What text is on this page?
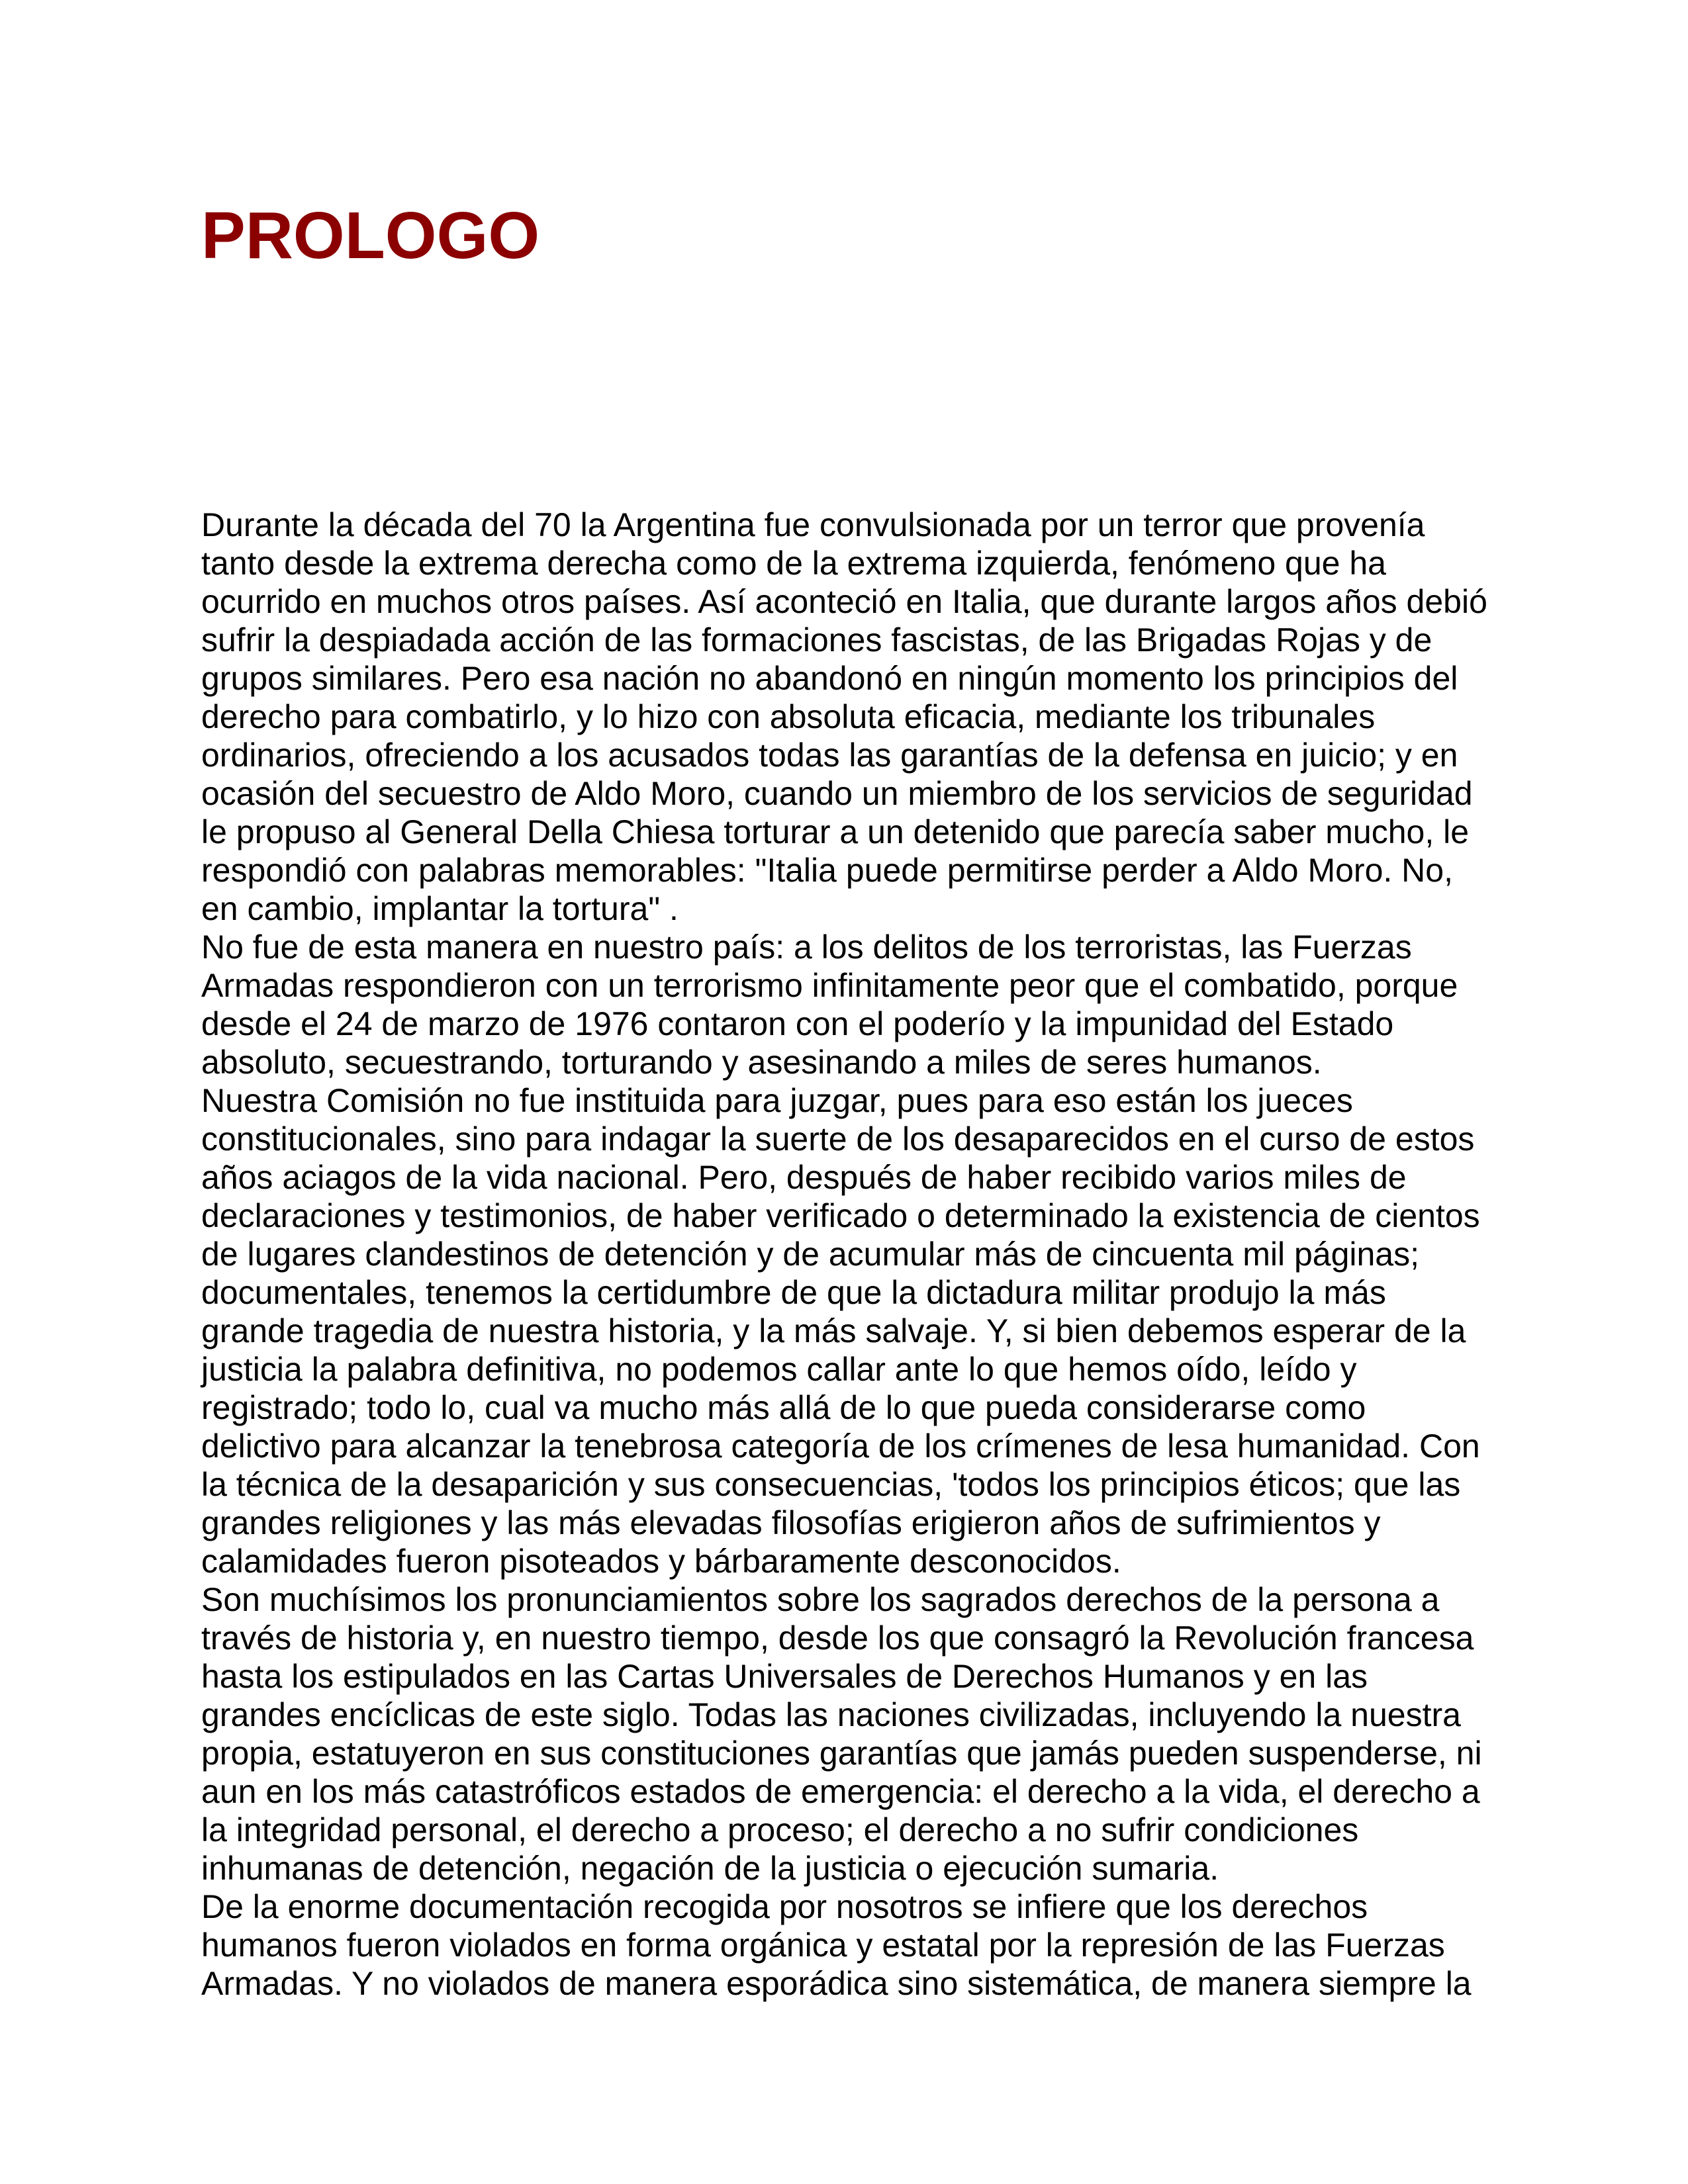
PROLOGO
Durante la década del 70 la Argentina fue convulsionada por un terror que provenía
tanto desde la extrema derecha como de la extrema izquierda, fenómeno que ha
ocurrido en muchos otros países. Así aconteció en Italia, que durante largos años debió
sufrir la despiadada acción de las formaciones fascistas, de las Brigadas Rojas y de
grupos similares. Pero esa nación no abandonó en ningún momento los principios del
derecho para combatirlo, y lo hizo con absoluta eficacia, mediante los tribunales
ordinarios, ofreciendo a los acusados todas las garantías de la defensa en juicio; y en
ocasión del secuestro de Aldo Moro, cuando un miembro de los servicios de seguridad
le propuso al General Della Chiesa torturar a un detenido que parecía saber mucho, le
respondió con palabras memorables: "Italia puede permitirse perder a Aldo Moro. No,
en cambio, implantar la tortura" .
No fue de esta manera en nuestro país: a los delitos de los terroristas, las Fuerzas
Armadas respondieron con un terrorismo infinitamente peor que el combatido, porque
desde el 24 de marzo de 1976 contaron con el poderío y la impunidad del Estado
absoluto, secuestrando, torturando y asesinando a miles de seres humanos.
Nuestra Comisión no fue instituida para juzgar, pues para eso están los jueces
constitucionales, sino para indagar la suerte de los desaparecidos en el curso de estos
años aciagos de la vida nacional. Pero, después de haber recibido varios miles de
declaraciones y testimonios, de haber verificado o determinado la existencia de cientos
de lugares clandestinos de detención y de acumular más de cincuenta mil páginas;
documentales, tenemos la certidumbre de que la dictadura militar produjo la más
grande tragedia de nuestra historia, y la más salvaje. Y, si bien debemos esperar de la
justicia la palabra definitiva, no podemos callar ante lo que hemos oído, leído y
registrado; todo lo, cual va mucho más allá de lo que pueda considerarse como
delictivo para alcanzar la tenebrosa categoría de los crímenes de lesa humanidad. Con
la técnica de la desaparición y sus consecuencias, 'todos los principios éticos; que las
grandes religiones y las más elevadas filosofías erigieron años de sufrimientos y
calamidades fueron pisoteados y bárbaramente desconocidos.
Son muchísimos los pronunciamientos sobre los sagrados derechos de la persona a
través de historia y, en nuestro tiempo, desde los que consagró la Revolución francesa
hasta los estipulados en las Cartas Universales de Derechos Humanos y en las
grandes encíclicas de este siglo. Todas las naciones civilizadas, incluyendo la nuestra
propia, estatuyeron en sus constituciones garantías que jamás pueden suspenderse, ni
aun en los más catastróficos estados de emergencia: el derecho a la vida, el derecho a
la integridad personal, el derecho a proceso; el derecho a no sufrir condiciones
inhumanas de detención, negación de la justicia o ejecución sumaria.
De la enorme documentación recogida por nosotros se infiere que los derechos
humanos fueron violados en forma orgánica y estatal por la represión de las Fuerzas
Armadas. Y no violados de manera esporádica sino sistemática, de manera siempre la
